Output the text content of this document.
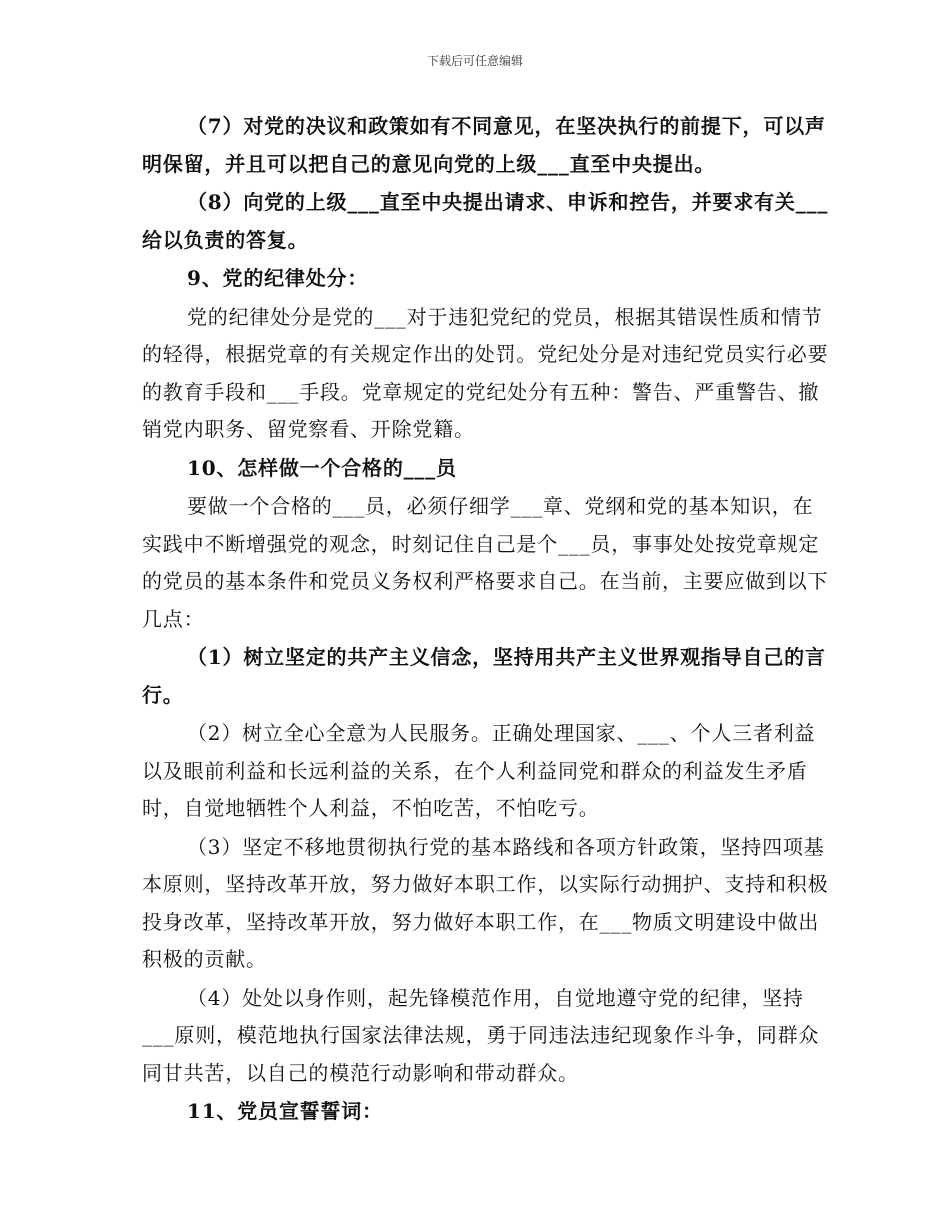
下载后可任意编辑

（7）对党的决议和政策如有不同意见，在坚决执行的前提下，可以声明保留，并且可以把自己的意见向党的上级___直至中央提出。

（8）向党的上级___直至中央提出请求、申诉和控告，并要求有关___给以负责的答复。

9、党的纪律处分：

党的纪律处分是党的___对于违犯党纪的党员，根据其错误性质和情节的轻得，根据党章的有关规定作出的处罚。党纪处分是对违纪党员实行必要的教育手段和___手段。党章规定的党纪处分有五种：警告、严重警告、撤销党内职务、留党察看、开除党籍。

10、怎样做一个合格的___员

要做一个合格的___员，必须仔细学___章、党纲和党的基本知识，在实践中不断增强党的观念，时刻记住自己是个___员，事事处处按党章规定的党员的基本条件和党员义务权利严格要求自己。在当前，主要应做到以下几点：

（1）树立坚定的共产主义信念，坚持用共产主义世界观指导自己的言行。

（2）树立全心全意为人民服务。正确处理国家、___、个人三者利益以及眼前利益和长远利益的关系，在个人利益同党和群众的利益发生矛盾时，自觉地牺牲个人利益，不怕吃苦，不怕吃亏。

（3）坚定不移地贯彻执行党的基本路线和各项方针政策，坚持四项基本原则，坚持改革开放，努力做好本职工作，以实际行动拥护、支持和积极投身改革，坚持改革开放，努力做好本职工作，在___物质文明建设中做出积极的贡献。

（4）处处以身作则，起先锋模范作用，自觉地遵守党的纪律，坚持___原则，模范地执行国家法律法规，勇于同违法违纪现象作斗争，同群众同甘共苦，以自己的模范行动影响和带动群众。

11、党员宣誓誓词：
